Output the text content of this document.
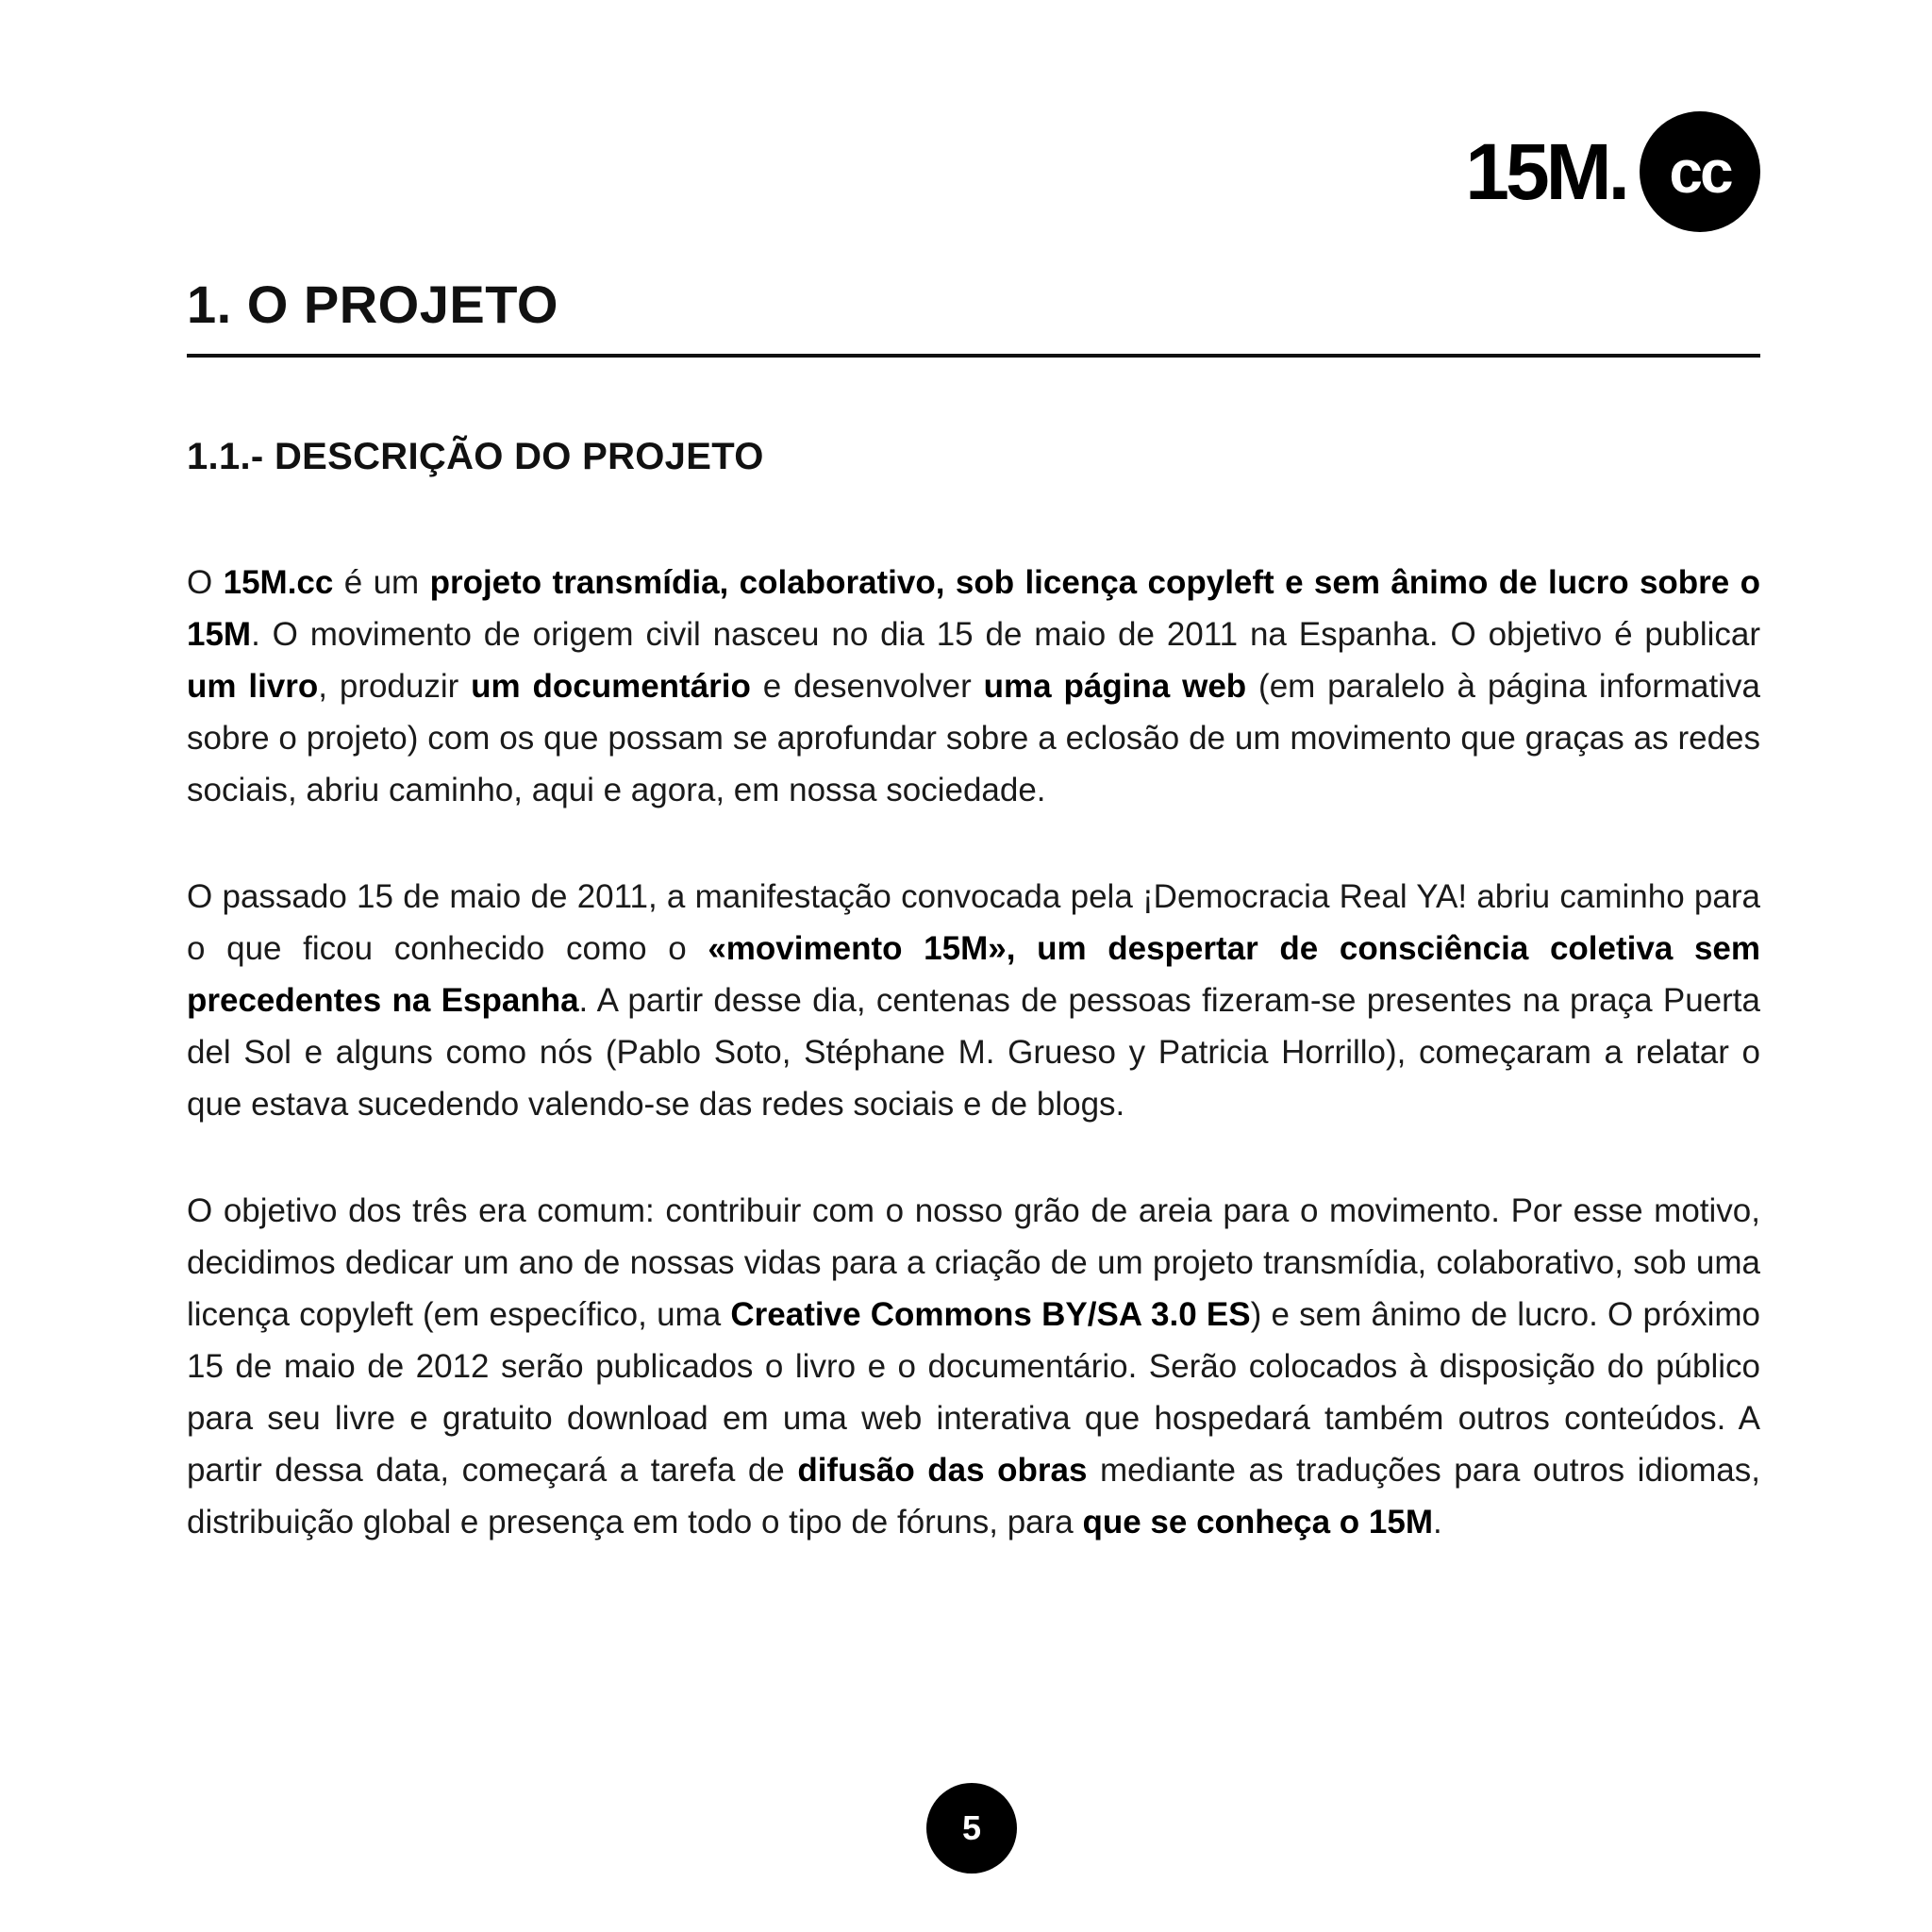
15M. cc
1. O PROJETO
1.1.- DESCRIÇÃO DO PROJETO

O 15M.cc é um projeto transmídia, colaborativo, sob licença copyleft e sem ânimo de lucro sobre o 15M. O movimento de origem civil nasceu no dia 15 de maio de 2011 na Espanha. O objetivo é publicar um livro, produzir um documentário e desenvolver uma página web (em paralelo à página informativa sobre o projeto) com os que possam se aprofundar sobre a eclosão de um movimento que graças as redes sociais, abriu caminho, aqui e agora, em nossa sociedade.

O passado 15 de maio de 2011, a manifestação convocada pela ¡Democracia Real YA! abriu caminho para o que ficou conhecido como o «movimento 15M», um despertar de consciência coletiva sem precedentes na Espanha. A partir desse dia, centenas de pessoas fizeram-se presentes na praça Puerta del Sol e alguns como nós (Pablo Soto, Stéphane M. Grueso y Patricia Horrillo), começaram a relatar o que estava sucedendo valendo-se das redes sociais e de blogs.

O objetivo dos três era comum: contribuir com o nosso grão de areia para o movimento. Por esse motivo, decidimos dedicar um ano de nossas vidas para a criação de um projeto transmídia, colaborativo, sob uma licença copyleft (em específico, uma Creative Commons BY/SA 3.0 ES) e sem ânimo de lucro. O próximo 15 de maio de 2012 serão publicados o livro e o documentário. Serão colocados à disposição do público para seu livre e gratuito download em uma web interativa que hospedará também outros conteúdos. A partir dessa data, começará a tarefa de difusão das obras mediante as traduções para outros idiomas, distribuição global e presença em todo o tipo de fóruns, para que se conheça o 15M.

5
